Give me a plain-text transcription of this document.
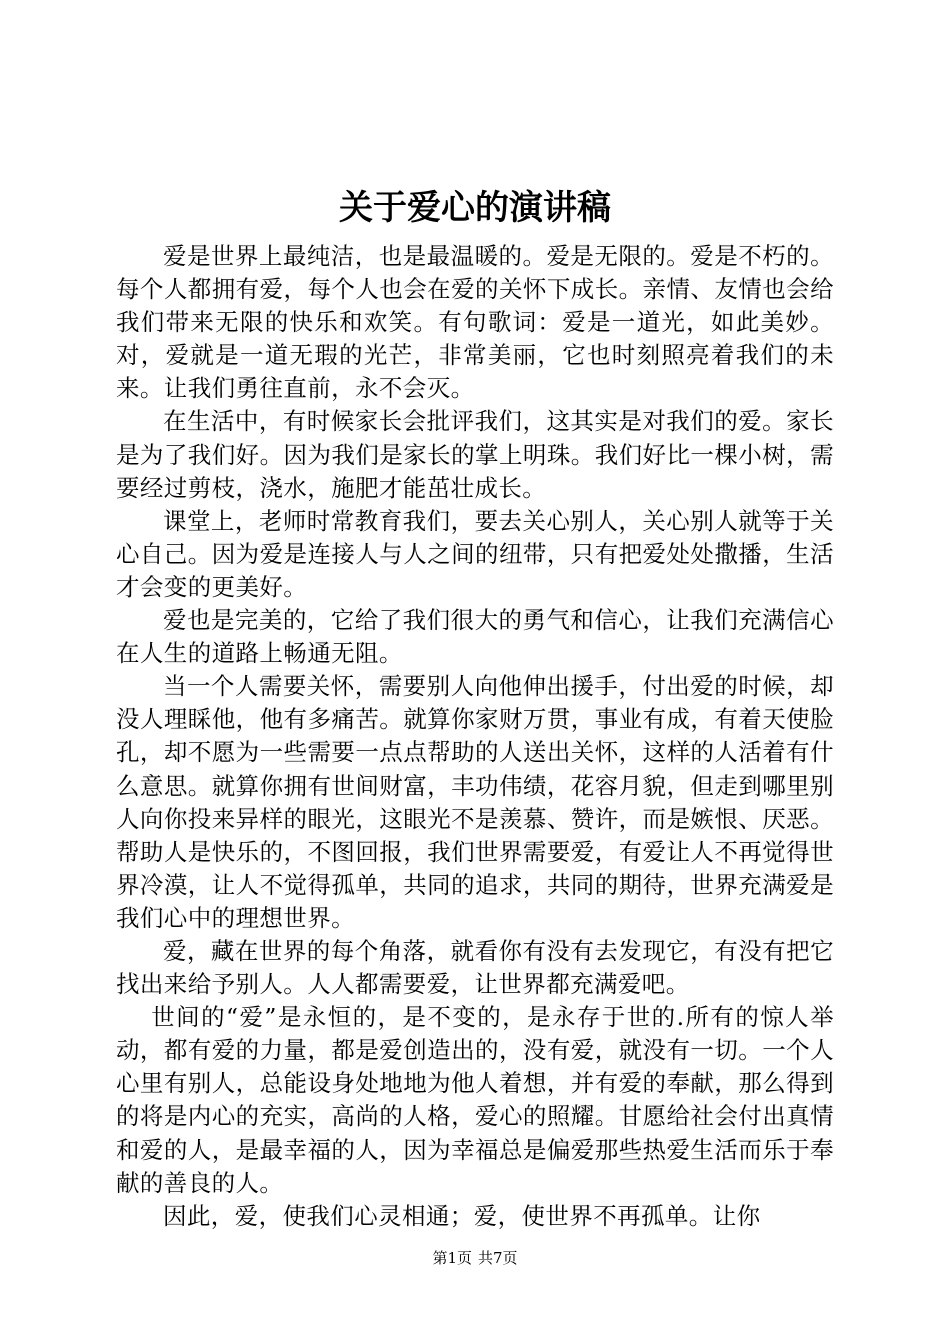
关于爱心的演讲稿

爱是世界上最纯洁，也是最温暖的。爱是无限的。爱是不朽的。每个人都拥有爱，每个人也会在爱的关怀下成长。亲情、友情也会给我们带来无限的快乐和欢笑。有句歌词：爱是一道光，如此美妙。对，爱就是一道无瑕的光芒，非常美丽，它也时刻照亮着我们的未来。让我们勇往直前，永不会灭。

在生活中，有时候家长会批评我们，这其实是对我们的爱。家长是为了我们好。因为我们是家长的掌上明珠。我们好比一棵小树，需要经过剪枝，浇水，施肥才能茁壮成长。

课堂上，老师时常教育我们，要去关心别人，关心别人就等于关心自己。因为爱是连接人与人之间的纽带，只有把爱处处撒播，生活才会变的更美好。

爱也是完美的，它给了我们很大的勇气和信心，让我们充满信心在人生的道路上畅通无阻。

当一个人需要关怀，需要别人向他伸出援手，付出爱的时候，却没人理睬他，他有多痛苦。就算你家财万贯，事业有成，有着天使脸孔，却不愿为一些需要一点点帮助的人送出关怀，这样的人活着有什么意思。就算你拥有世间财富，丰功伟绩，花容月貌，但走到哪里别人向你投来异样的眼光，这眼光不是羡慕、赞许，而是嫉恨、厌恶。帮助人是快乐的，不图回报，我们世界需要爱，有爱让人不再觉得世界冷漠，让人不觉得孤单，共同的追求，共同的期待，世界充满爱是我们心中的理想世界。

爱，藏在世界的每个角落，就看你有没有去发现它，有没有把它找出来给予别人。人人都需要爱，让世界都充满爱吧。

世间的“爱”是永恒的，是不变的，是永存于世的.所有的惊人举动，都有爱的力量，都是爱创造出的，没有爱，就没有一切。一个人心里有别人，总能设身处地地为他人着想，并有爱的奉献，那么得到的将是内心的充实，高尚的人格，爱心的照耀。甘愿给社会付出真情和爱的人，是最幸福的人，因为幸福总是偏爱那些热爱生活而乐于奉献的善良的人。

因此，爱，使我们心灵相通；爱，使世界不再孤单。让你

第1页 共7页
